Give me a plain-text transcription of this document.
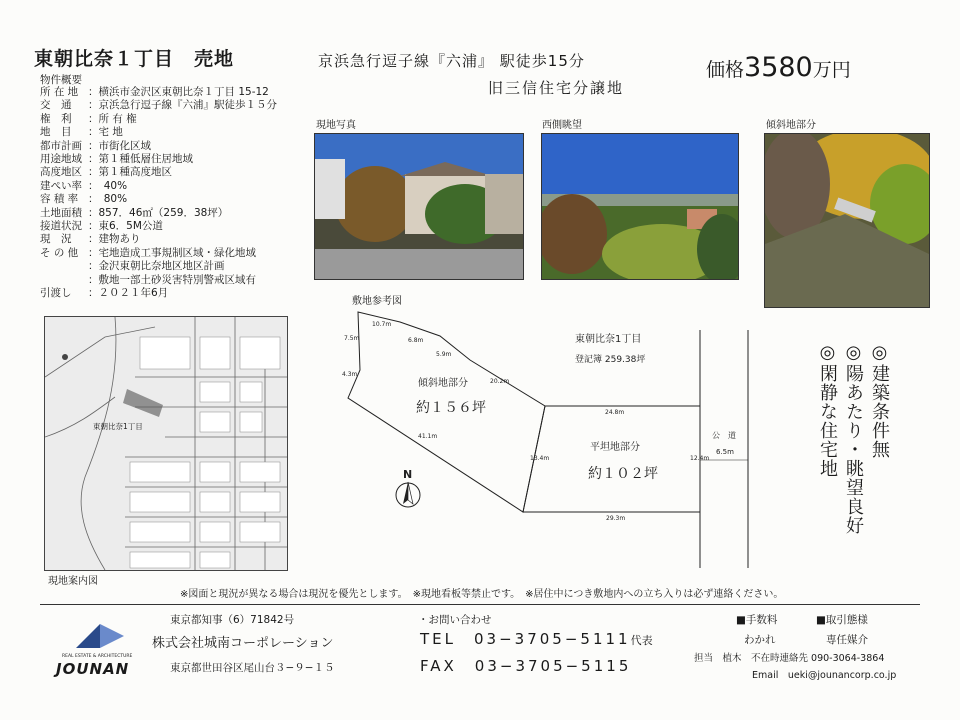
東朝比奈１丁目　売地	京浜急行逗子線『六浦』 駅徒歩15分
旧三信住宅分譲地
価格3580万円
物件概要
所 在 地 ：横浜市金沢区東朝比奈１丁目 15-12
交　通	：京浜急行逗子線『六浦』駅徒歩１５分
権　利	：所 有 権
地　目	：宅 地
都市計画 ：市街化区域
用途地域 ：第１種低層住居地域
高度地区 ：第１種高度地区
建ぺい率 ：　40%
容 積 率 ：　80%
土地面積 ：857．46㎡（259．38坪）
接道状況 ：東6．5M公道
現　況	：建物あり
そ の 他 ：宅地造成工事規制区域・緑化地域
：金沢東朝比奈地区地区計画
：敷地一部土砂災害特別警戒区域有
引渡し	：２０２１年6月
現地写真	西側眺望	傾斜地部分
東朝比奈1丁目
現地案内図
敷地参考図
10.7m
6.8m
5.9m
20.2m
7.5m
4.3m
41.1m
13.4m
24.8m
12.4m
29.3m
傾斜地部分
約１５６坪
平坦地部分
約１０２坪
東朝比奈1丁目
登記簿 259.38坪
公　道
6.5m
N
◎建築条件無
◎陽あたり・眺望良好
◎閑静な住宅地
※図面と現況が異なる場合は現況を優先とします。　※現地看板等禁止です。　※居住中につき敷地内への立ち入りは必ず連絡ください。
東京都知事（6）71842号
株式会社城南コーポレーション
東京都世田谷区尾山台３−９−１５
REAL ESTATE & ARCHITECTURE
JOUNAN
・お問い合わせ
TEL　03−3705−5111代表
FAX　03−3705−5115
■手数料	■取引態様
わかれ	専任媒介
担当　植木　不在時連絡先 090-3064-3864
Email　ueki@jounancorp.co.jp
